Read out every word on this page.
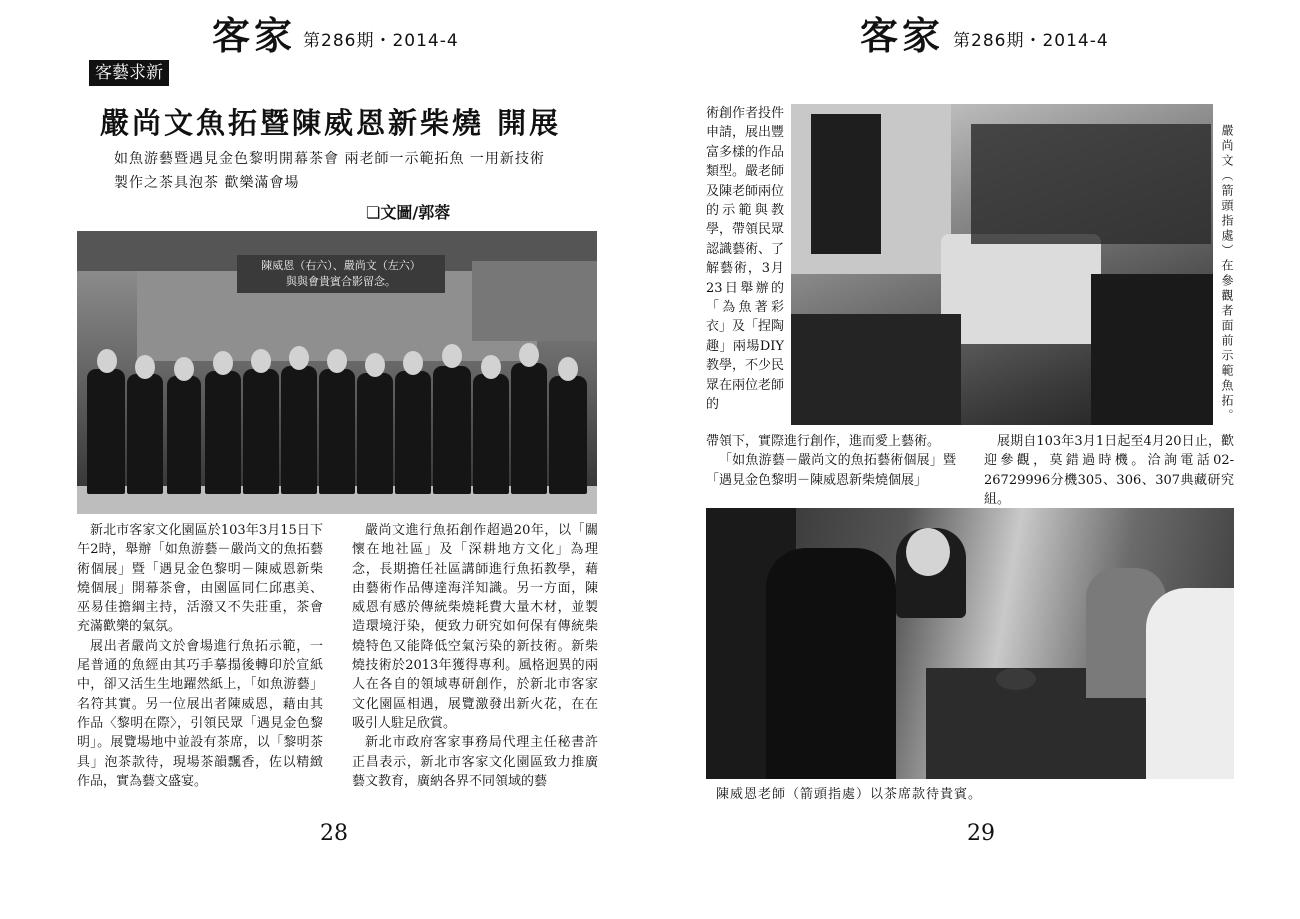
客家 第286期・2014-4
客藝求新
嚴尚文魚拓暨陳威恩新柴燒 開展
如魚游藝暨遇見金色黎明開幕茶會 兩老師一示範拓魚 一用新技術
製作之茶具泡茶 歡樂滿會場
❏文圖/郭蓉
陳威恩（右六）、嚴尚文（左六）
與與會貴賓合影留念。

新北市客家文化園區於103年3月15日下午2時，舉辦「如魚游藝－嚴尚文的魚拓藝術個展」暨「遇見金色黎明－陳威恩新柴燒個展」開幕茶會，由園區同仁邱惠美、巫易佳擔綱主持，活潑又不失莊重，茶會充滿歡樂的氣氛。

展出者嚴尚文於會場進行魚拓示範，一尾普通的魚經由其巧手摹搨後轉印於宣紙中，卻又活生生地躍然紙上，「如魚游藝」名符其實。另一位展出者陳威恩，藉由其作品〈黎明在際〉，引領民眾「遇見金色黎明」。展覽場地中並設有茶席，以「黎明茶具」泡茶款待，現場茶韻飄香，佐以精緻作品，實為藝文盛宴。

嚴尚文進行魚拓創作超過20年，以「關懷在地社區」及「深耕地方文化」為理念，長期擔任社區講師進行魚拓教學，藉由藝術作品傳達海洋知識。另一方面，陳威恩有感於傳統柴燒耗費大量木材，並製造環境汙染，便致力研究如何保有傳統柴燒特色又能降低空氣污染的新技術。新柴燒技術於2013年獲得專利。風格迥異的兩人在各自的領域專研創作，於新北市客家文化園區相遇，展覽激發出新火花，在在吸引人駐足欣賞。

新北市政府客家事務局代理主任秘書許正昌表示，新北市客家文化園區致力推廣藝文教育，廣納各界不同領域的藝

28
客家 第286期・2014-4

術創作者投件申請，展出豐富多樣的作品類型。嚴老師及陳老師兩位的示範與教學，帶領民眾認識藝術、了解藝術，3月23日舉辦的「為魚著彩衣」及「捏陶趣」兩場DIY教學，不少民眾在兩位老師的	嚴尚文（箭頭指處）在參觀者面前示範魚拓。

帶領下，實際進行創作，進而愛上藝術。

「如魚游藝－嚴尚文的魚拓藝術個展」暨「遇見金色黎明－陳威恩新柴燒個展」

展期自103年3月1日起至4月20日止，歡迎參觀，莫錯過時機。洽詢電話02-26729996分機305、306、307典藏研究組。

陳威恩老師（箭頭指處）以茶席款待貴賓。
29
